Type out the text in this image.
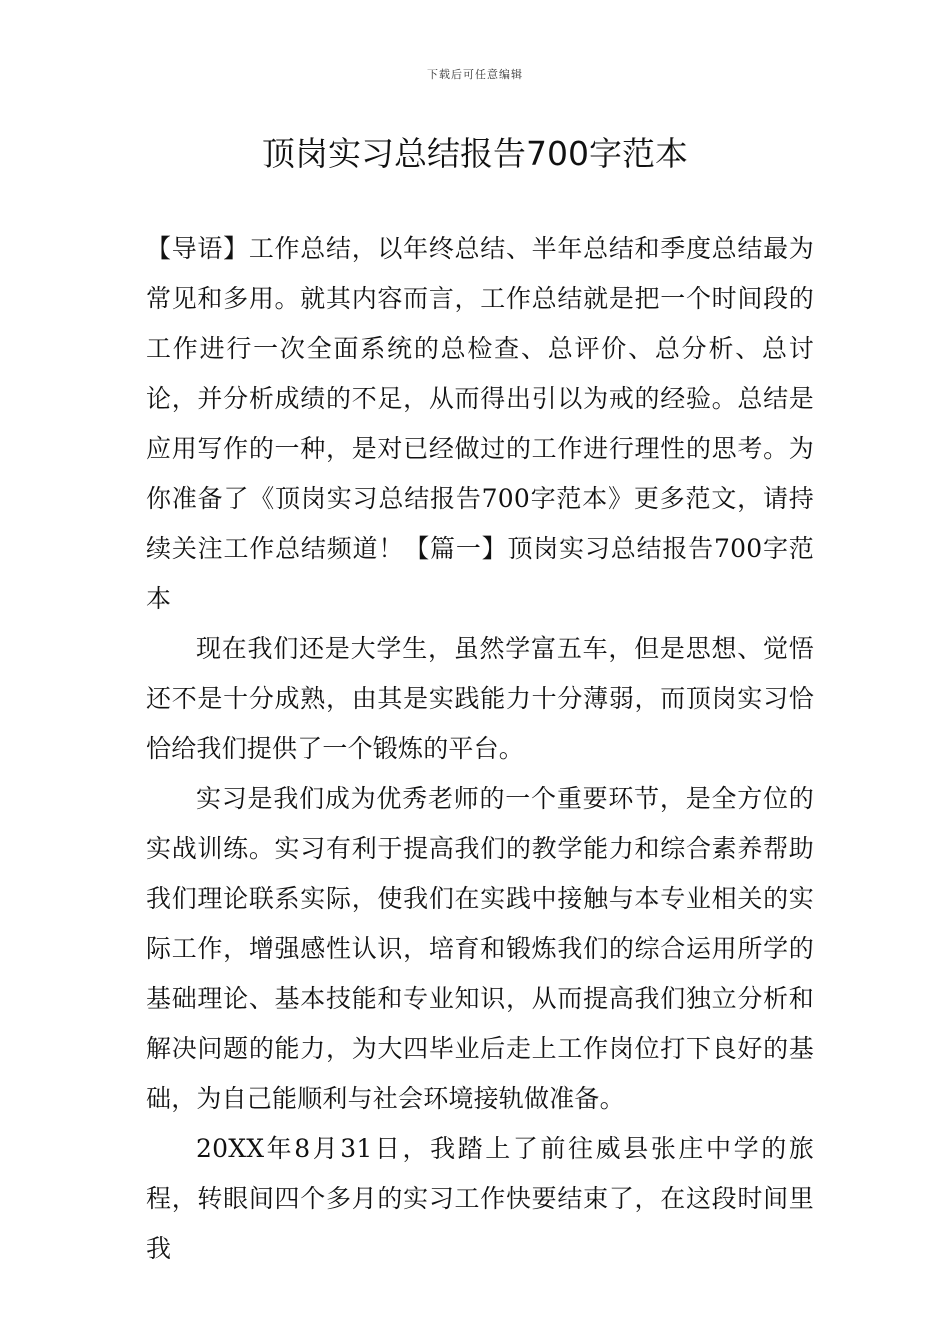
下载后可任意编辑
顶岗实习总结报告700字范本

【导语】工作总结，以年终总结、半年总结和季度总结最为常见和多用。就其内容而言，工作总结就是把一个时间段的工作进行一次全面系统的总检查、总评价、总分析、总讨论，并分析成绩的不足，从而得出引以为戒的经验。总结是应用写作的一种，是对已经做过的工作进行理性的思考。为你准备了《顶岗实习总结报告700字范本》更多范文，请持续关注工作总结频道！【篇一】顶岗实习总结报告700字范本

现在我们还是大学生，虽然学富五车，但是思想、觉悟还不是十分成熟，由其是实践能力十分薄弱，而顶岗实习恰恰给我们提供了一个锻炼的平台。

实习是我们成为优秀老师的一个重要环节，是全方位的实战训练。实习有利于提高我们的教学能力和综合素养帮助我们理论联系实际，使我们在实践中接触与本专业相关的实际工作，增强感性认识，培育和锻炼我们的综合运用所学的基础理论、基本技能和专业知识，从而提高我们独立分析和解决问题的能力，为大四毕业后走上工作岗位打下良好的基础，为自己能顺利与社会环境接轨做准备。

20XX年8月31日，我踏上了前往威县张庄中学的旅程，转眼间四个多月的实习工作快要结束了，在这段时间里我
